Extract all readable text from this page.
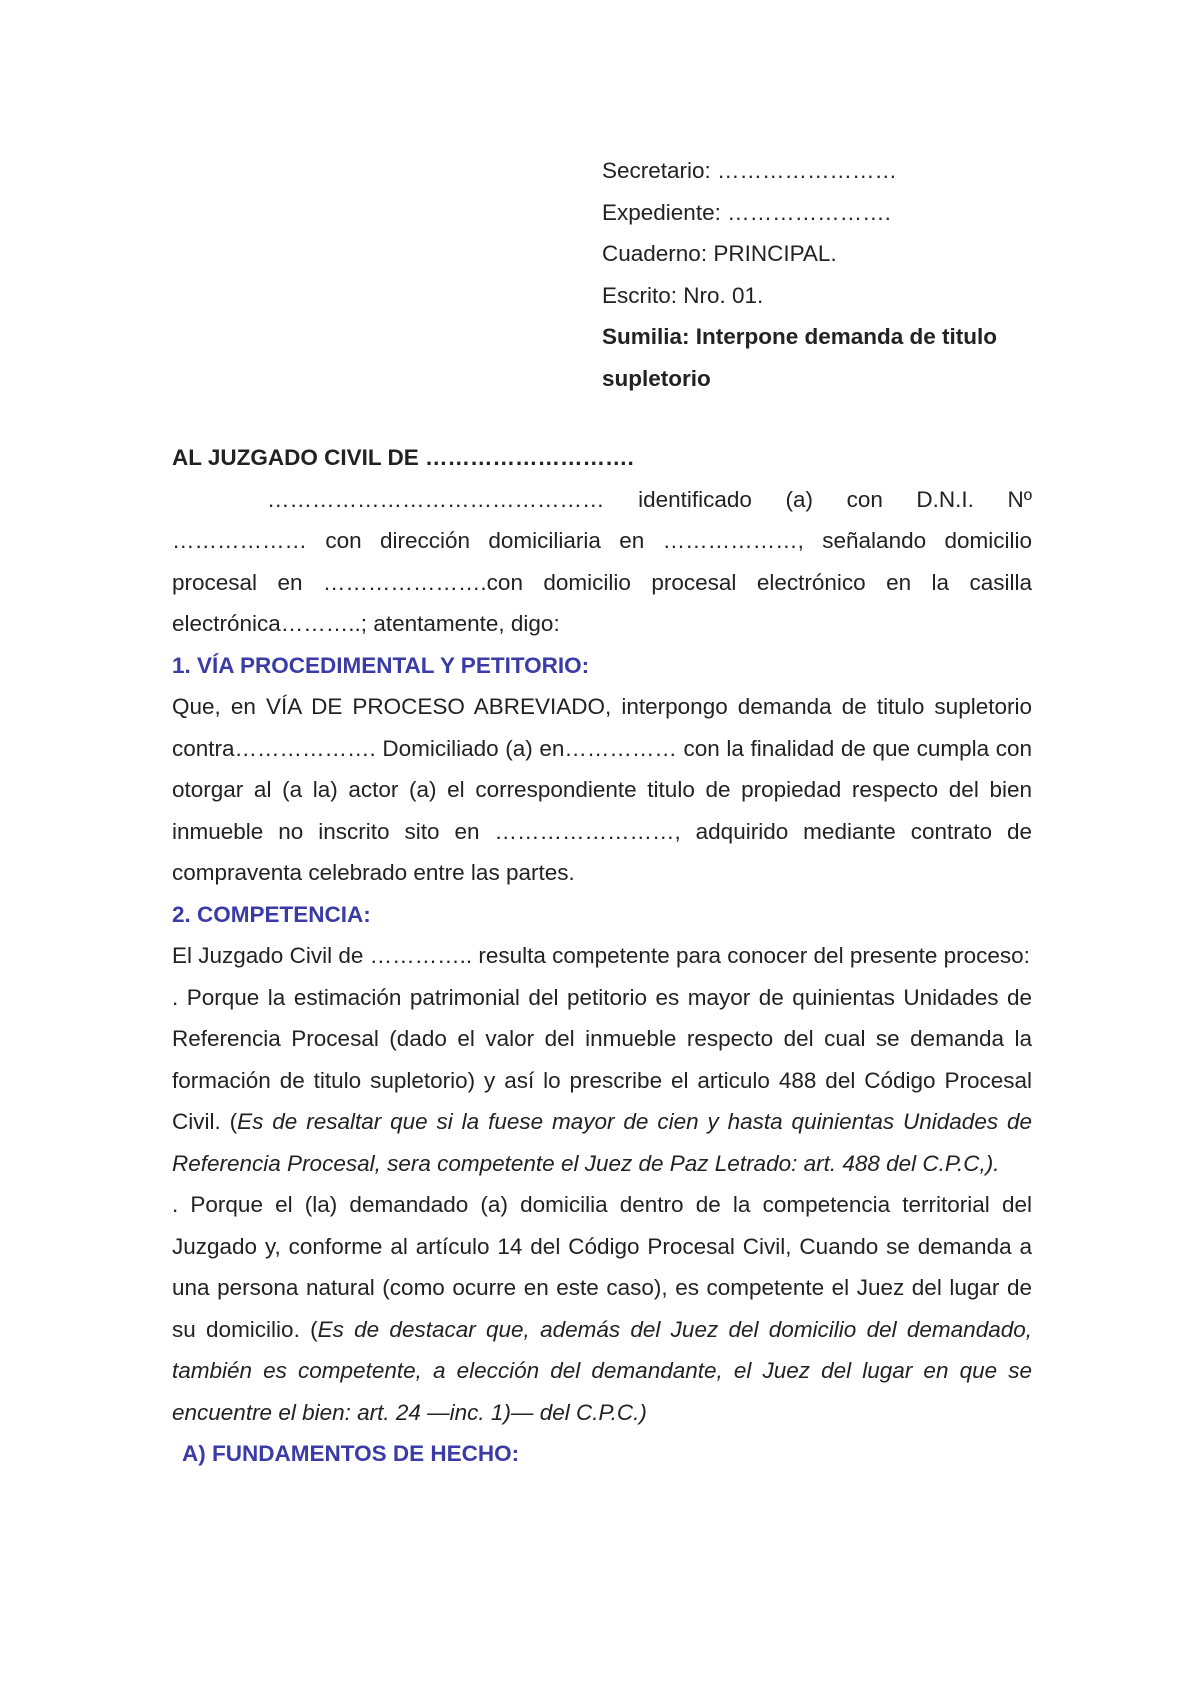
Secretario: ……………………
Expediente: ………………….
Cuaderno: PRINCIPAL.
Escrito: Nro. 01.
Sumilia: Interpone demanda de titulo supletorio
AL JUZGADO CIVIL DE ……………………….
……………………………………… identificado (a) con D.N.I. Nº ……………… con dirección domiciliaria en ………………, señalando domicilio procesal en ………………….con domicilio procesal electrónico en la casilla electrónica………..; atentamente, digo:
1. VÍA PROCEDIMENTAL Y PETITORIO:
Que, en VÍA DE PROCESO ABREVIADO, interpongo demanda de titulo supletorio contra………………. Domiciliado (a) en…………… con la finalidad de que cumpla con otorgar al (a la) actor (a) el correspondiente titulo de propiedad respecto del bien inmueble no inscrito sito en ……………………, adquirido mediante contrato de compraventa celebrado entre las partes.
2. COMPETENCIA:
El Juzgado Civil de ………….. resulta competente para conocer del presente proceso:
. Porque la estimación patrimonial del petitorio es mayor de quinientas Unidades de Referencia Procesal (dado el valor del inmueble respecto del cual se demanda la formación de titulo supletorio) y así lo prescribe el articulo 488 del Código Procesal Civil. (Es de resaltar que si la fuese mayor de cien y hasta quinientas Unidades de Referencia Procesal, sera competente el Juez de Paz Letrado: art. 488 del C.P.C,).
. Porque el (la) demandado (a) domicilia dentro de la competencia territorial del Juzgado y, conforme al artículo 14 del Código Procesal Civil, Cuando se demanda a una persona natural (como ocurre en este caso), es competente el Juez del lugar de su domicilio. (Es de destacar que, además del Juez del domicilio del demandado, también es competente, a elección del demandante, el Juez del lugar en que se encuentre el bien: art. 24 —inc. 1)— del C.P.C.)
A) FUNDAMENTOS DE HECHO:
